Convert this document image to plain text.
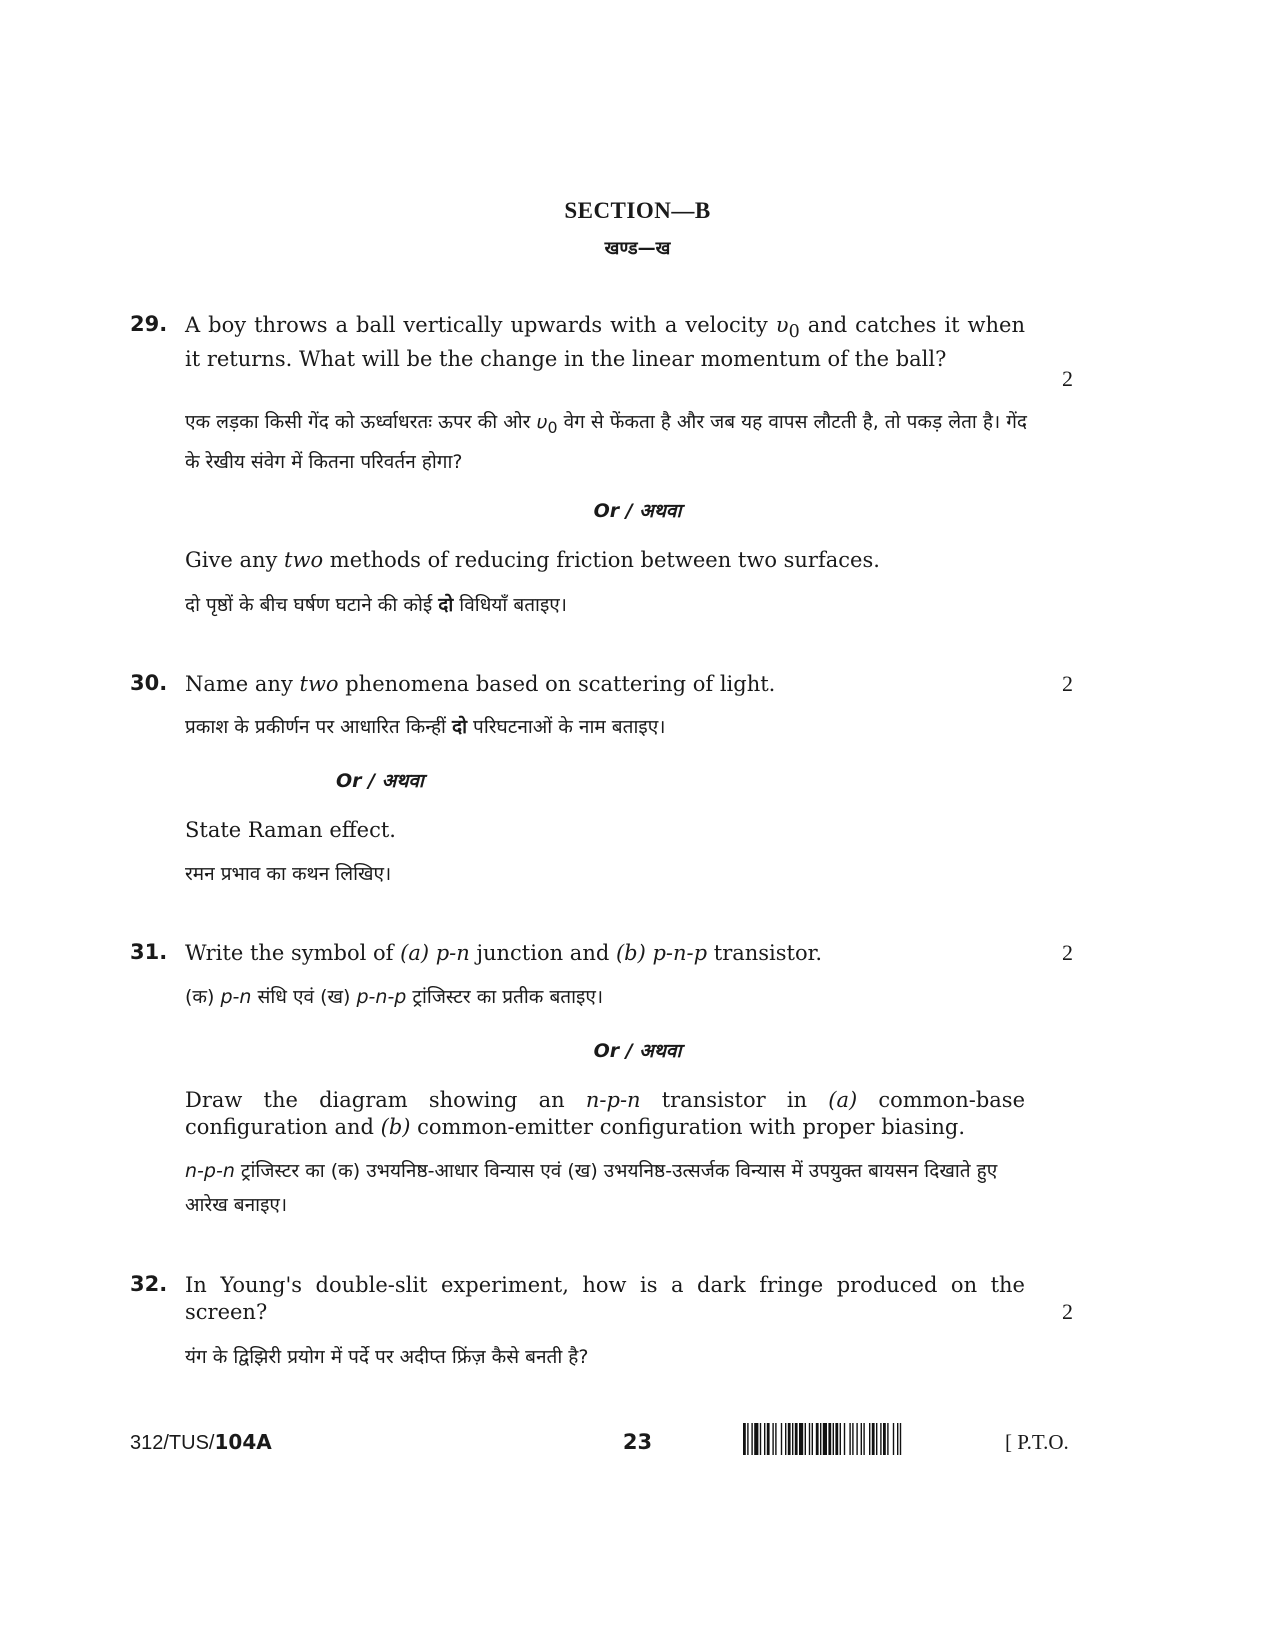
SECTION—B
खण्ड—ख
29. A boy throws a ball vertically upwards with a velocity $\upsilon_0$ and catches it when it returns. What will be the change in the linear momentum of the ball?
2
एक लड़का किसी गेंद को ऊर्ध्वाधरतः ऊपर की ओर $\upsilon_0$ वेग से फेंकता है और जब यह वापस लौटती है, तो पकड़ लेता है। गेंद के रेखीय संवेग में कितना परिवर्तन होगा?
Or / अथवा
Give any two methods of reducing friction between two surfaces.
दो पृष्ठों के बीच घर्षण घटाने की कोई दो विधियाँ बताइए।
30. Name any two phenomena based on scattering of light.	2
प्रकाश के प्रकीर्णन पर आधारित किन्हीं दो परिघटनाओं के नाम बताइए।
Or / अथवा
State Raman effect.
रमन प्रभाव का कथन लिखिए।
31. Write the symbol of (a) p-n junction and (b) p-n-p transistor.	2
(क) p-n संधि एवं (ख) p-n-p ट्रांजिस्टर का प्रतीक बताइए।
Or / अथवा
Draw the diagram showing an n-p-n transistor in (a) common-base configuration and (b) common-emitter configuration with proper biasing.
n-p-n ट्रांजिस्टर का (क) उभयनिष्ठ-आधार विन्यास एवं (ख) उभयनिष्ठ-उत्सर्जक विन्यास में उपयुक्त बायसन दिखाते हुए आरेख बनाइए।
32. In Young's double-slit experiment, how is a dark fringe produced on the screen?	2
यंग के द्विझिरी प्रयोग में पर्दे पर अदीप्त फ्रिंज़ कैसे बनती है?
312/TUS/104A	23	[ P.T.O.
